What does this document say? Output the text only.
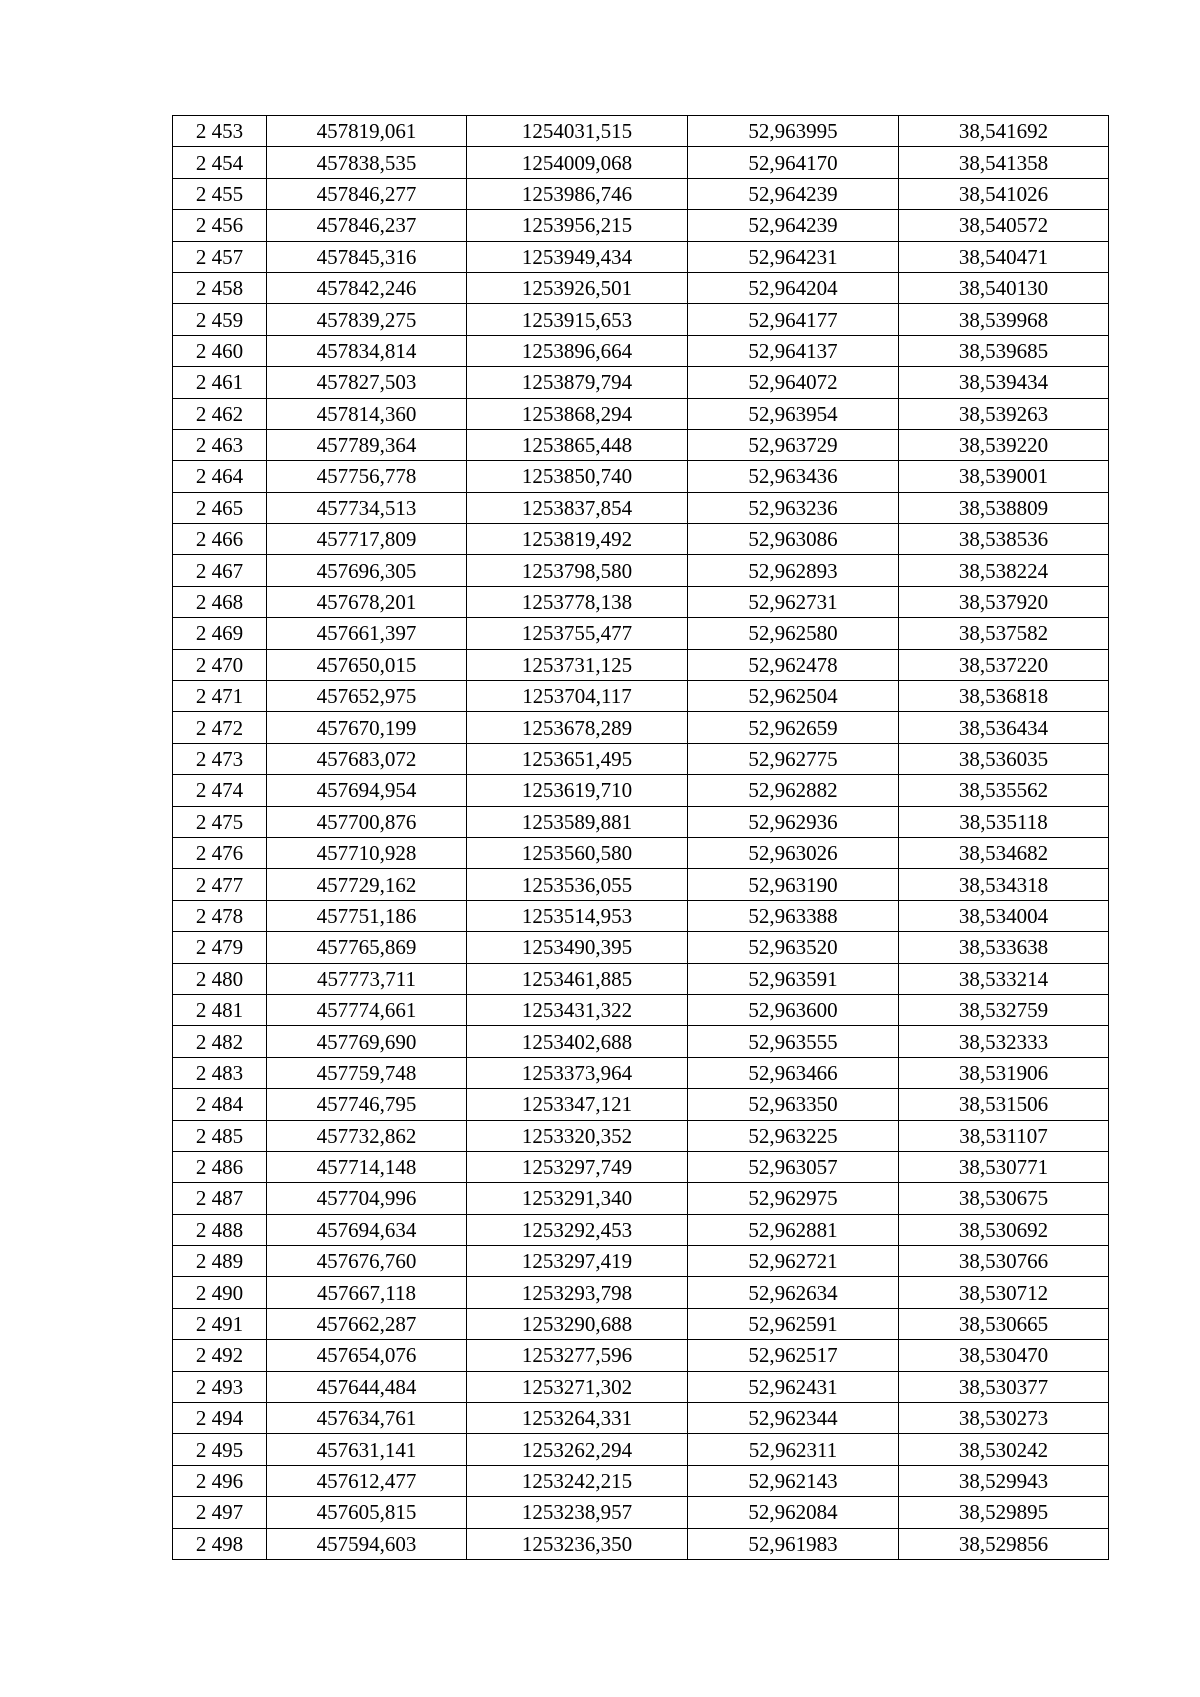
2 453	457819,061	1254031,515	52,963995	38,541692
2 454	457838,535	1254009,068	52,964170	38,541358
2 455	457846,277	1253986,746	52,964239	38,541026
2 456	457846,237	1253956,215	52,964239	38,540572
2 457	457845,316	1253949,434	52,964231	38,540471
2 458	457842,246	1253926,501	52,964204	38,540130
2 459	457839,275	1253915,653	52,964177	38,539968
2 460	457834,814	1253896,664	52,964137	38,539685
2 461	457827,503	1253879,794	52,964072	38,539434
2 462	457814,360	1253868,294	52,963954	38,539263
2 463	457789,364	1253865,448	52,963729	38,539220
2 464	457756,778	1253850,740	52,963436	38,539001
2 465	457734,513	1253837,854	52,963236	38,538809
2 466	457717,809	1253819,492	52,963086	38,538536
2 467	457696,305	1253798,580	52,962893	38,538224
2 468	457678,201	1253778,138	52,962731	38,537920
2 469	457661,397	1253755,477	52,962580	38,537582
2 470	457650,015	1253731,125	52,962478	38,537220
2 471	457652,975	1253704,117	52,962504	38,536818
2 472	457670,199	1253678,289	52,962659	38,536434
2 473	457683,072	1253651,495	52,962775	38,536035
2 474	457694,954	1253619,710	52,962882	38,535562
2 475	457700,876	1253589,881	52,962936	38,535118
2 476	457710,928	1253560,580	52,963026	38,534682
2 477	457729,162	1253536,055	52,963190	38,534318
2 478	457751,186	1253514,953	52,963388	38,534004
2 479	457765,869	1253490,395	52,963520	38,533638
2 480	457773,711	1253461,885	52,963591	38,533214
2 481	457774,661	1253431,322	52,963600	38,532759
2 482	457769,690	1253402,688	52,963555	38,532333
2 483	457759,748	1253373,964	52,963466	38,531906
2 484	457746,795	1253347,121	52,963350	38,531506
2 485	457732,862	1253320,352	52,963225	38,531107
2 486	457714,148	1253297,749	52,963057	38,530771
2 487	457704,996	1253291,340	52,962975	38,530675
2 488	457694,634	1253292,453	52,962881	38,530692
2 489	457676,760	1253297,419	52,962721	38,530766
2 490	457667,118	1253293,798	52,962634	38,530712
2 491	457662,287	1253290,688	52,962591	38,530665
2 492	457654,076	1253277,596	52,962517	38,530470
2 493	457644,484	1253271,302	52,962431	38,530377
2 494	457634,761	1253264,331	52,962344	38,530273
2 495	457631,141	1253262,294	52,962311	38,530242
2 496	457612,477	1253242,215	52,962143	38,529943
2 497	457605,815	1253238,957	52,962084	38,529895
2 498	457594,603	1253236,350	52,961983	38,529856
